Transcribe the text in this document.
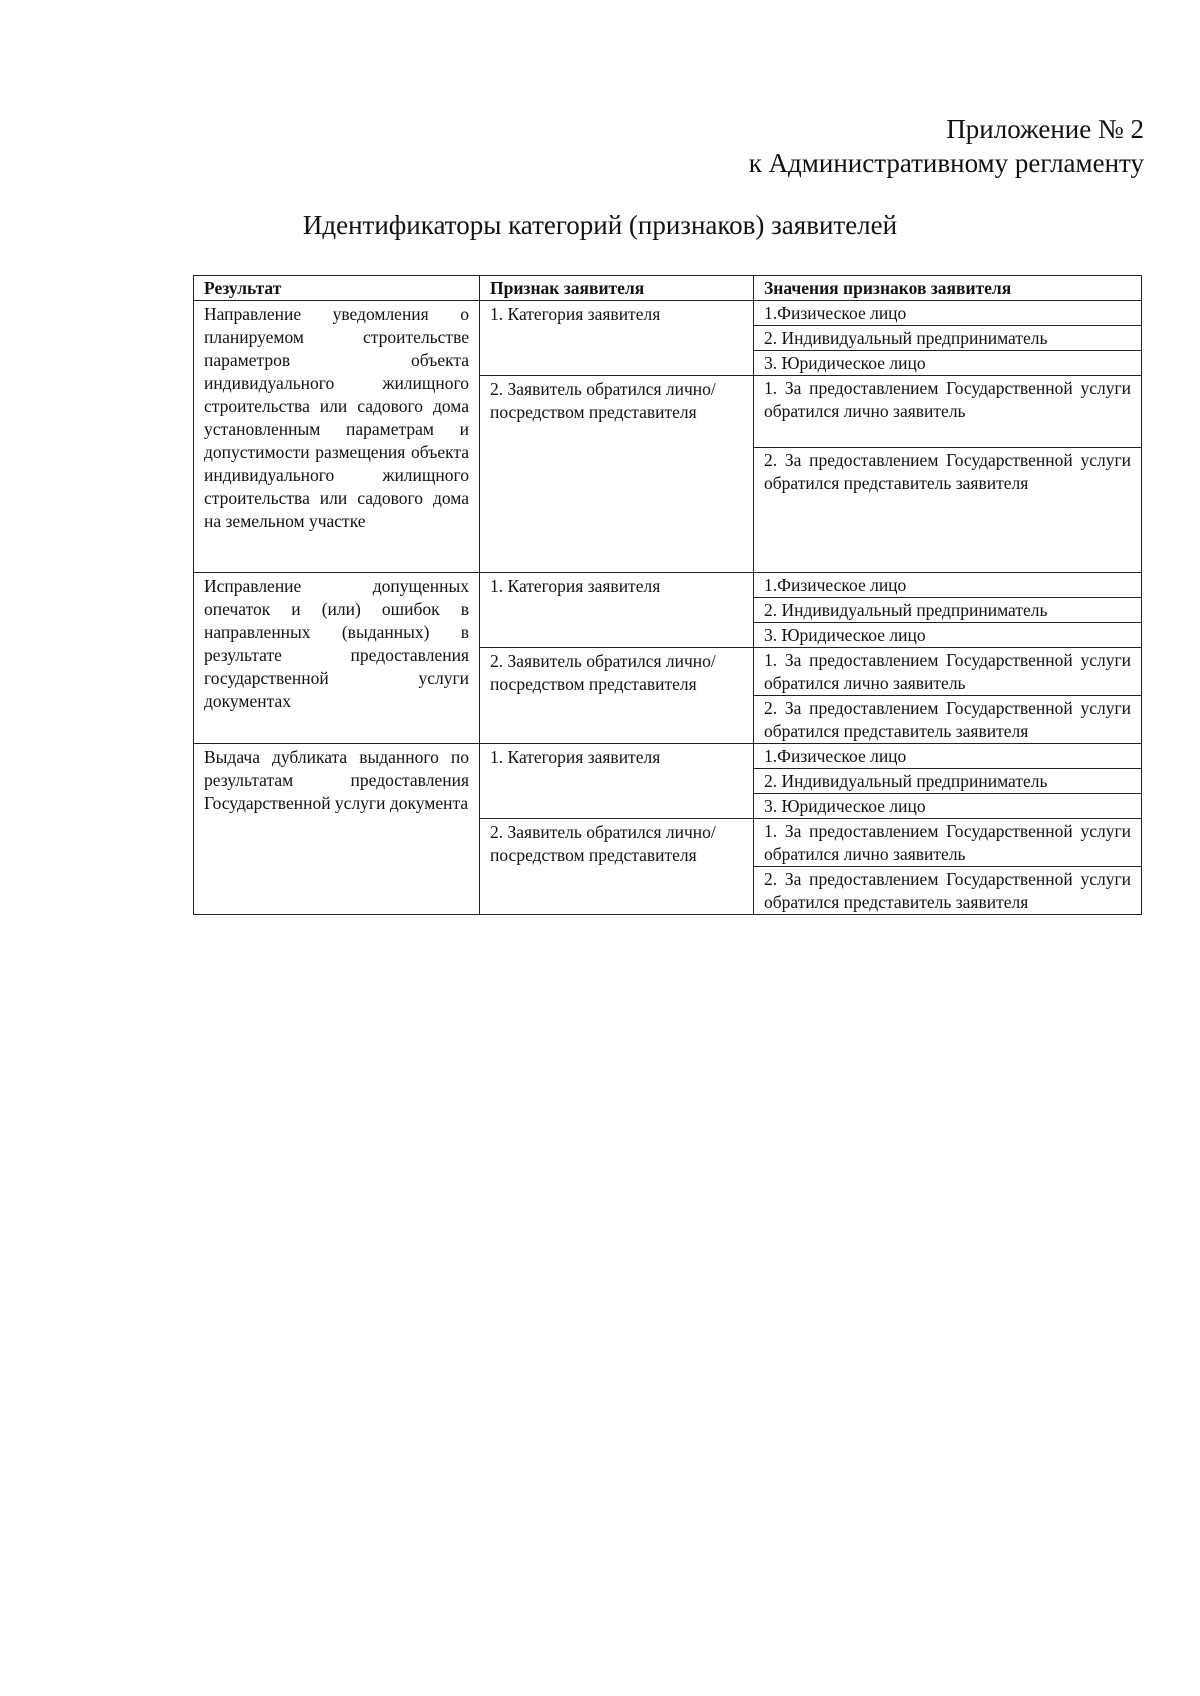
Приложение № 2
к Административному регламенту
Идентификаторы категорий (признаков) заявителей
Результат	Признак заявителя	Значения признаков заявителя
Направление уведомления о планируемом строительстве параметров объекта индивидуального жилищного строительства или садового дома установленным параметрам и допустимости размещения объекта индивидуального жилищного строительства или садового дома на земельном участке	1. Категория заявителя	1.Физическое лицо
		2. Индивидуальный предприниматель
		3. Юридическое лицо
	2. Заявитель обратился лично/посредством представителя	1. За предоставлением Государственной услуги обратился лично заявитель
		2. За предоставлением Государственной услуги обратился представитель заявителя
Исправление допущенных опечаток и (или) ошибок в направленных (выданных) в результате предоставления государственной услуги документах	1. Категория заявителя	1.Физическое лицо
		2. Индивидуальный предприниматель
		3. Юридическое лицо
	2. Заявитель обратился лично/посредством представителя	1. За предоставлением Государственной услуги обратился лично заявитель
		2. За предоставлением Государственной услуги обратился представитель заявителя
Выдача дубликата выданного по результатам предоставления Государственной услуги документа	1. Категория заявителя	1.Физическое лицо
		2. Индивидуальный предприниматель
		3. Юридическое лицо
	2. Заявитель обратился лично/посредством представителя	1. За предоставлением Государственной услуги обратился лично заявитель
		2. За предоставлением Государственной услуги обратился представитель заявителя
